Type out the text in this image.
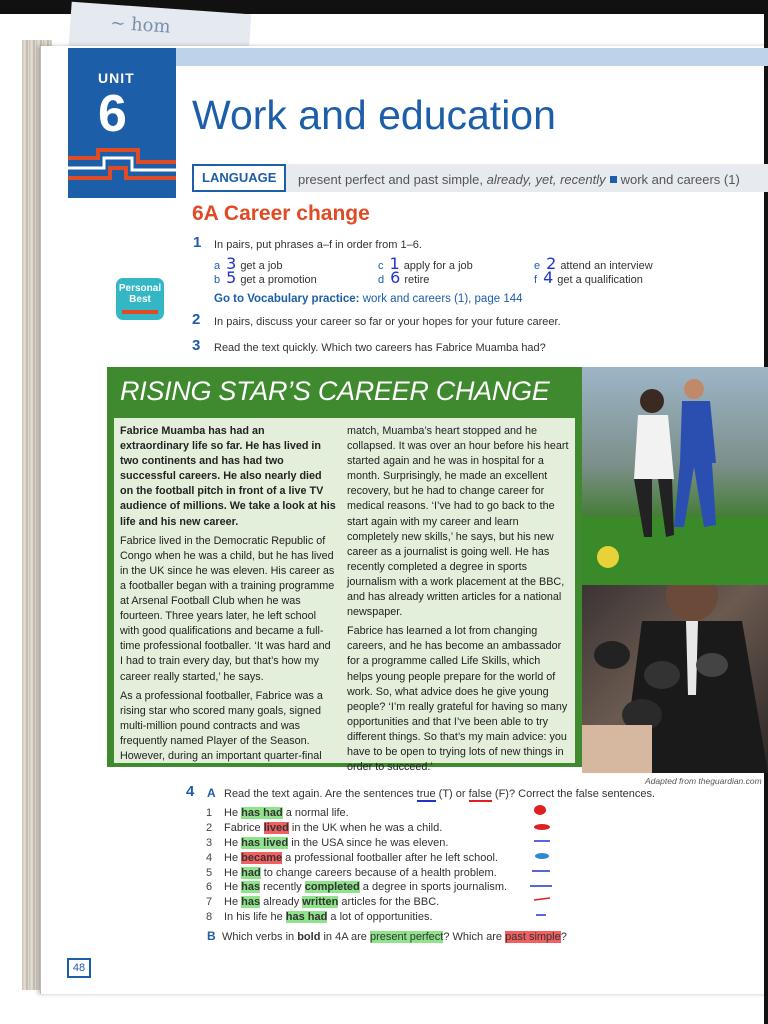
~ hom
UNIT
6 Work and education
LANGUAGE	present perfect and past simple, already, yet, recently work and careers (1)
6A Career change
Personal
Best
1 In pairs, put phrases a–f in order from 1–6.
a 3 get a job
b 5 get a promotion
c 1 apply for a job
d 6 retire
e 2 attend an interview
f 4 get a qualification
Go to Vocabulary practice: work and careers (1), page 144
2 In pairs, discuss your career so far or your hopes for your future career.
3 Read the text quickly. Which two careers has Fabrice Muamba had?
RISING STAR’S CAREER CHANGE

Fabrice Muamba has had an extraordinary life so far. He has lived in two continents and has had two successful careers. He also nearly died on the football pitch in front of a live TV audience of millions. We take a look at his life and his new career.

Fabrice lived in the Democratic Republic of Congo when he was a child, but he has lived in the UK since he was eleven. His career as a footballer began with a training programme at Arsenal Football Club when he was fourteen. Three years later, he left school with good qualifications and became a full-time professional footballer. ‘It was hard and I had to train every day, but that’s how my career really started,’ he says.

As a professional footballer, Fabrice was a rising star who scored many goals, signed multi-million pound contracts and was frequently named Player of the Season. However, during an important quarter-final

match, Muamba’s heart stopped and he collapsed. It was over an hour before his heart started again and he was in hospital for a month. Surprisingly, he made an excellent recovery, but he had to change career for medical reasons. ‘I’ve had to go back to the start again with my career and learn completely new skills,’ he says, but his new career as a journalist is going well. He has recently completed a degree in sports journalism with a work placement at the BBC, and has already written articles for a national newspaper.

Fabrice has learned a lot from changing careers, and he has become an ambassador for a programme called Life Skills, which helps young people prepare for the world of work. So, what advice does he give young people? ‘I’m really grateful for having so many opportunities and that I’ve been able to try different things. So that’s my main advice: you have to be open to trying lots of new things in order to succeed.’

Adapted from theguardian.com
4 A Read the text again. Are the sentences true (T) or false (F)? Correct the false sentences.
1 He has had a normal life.
2 Fabrice lived in the UK when he was a child.
3 He has lived in the USA since he was eleven.
4 He became a professional footballer after he left school.
5 He had to change careers because of a health problem.
6 He has recently completed a degree in sports journalism.
7 He has already written articles for the BBC.
8 In his life he has had a lot of opportunities.
B Which verbs in bold in 4A are present perfect? Which are past simple?
48
